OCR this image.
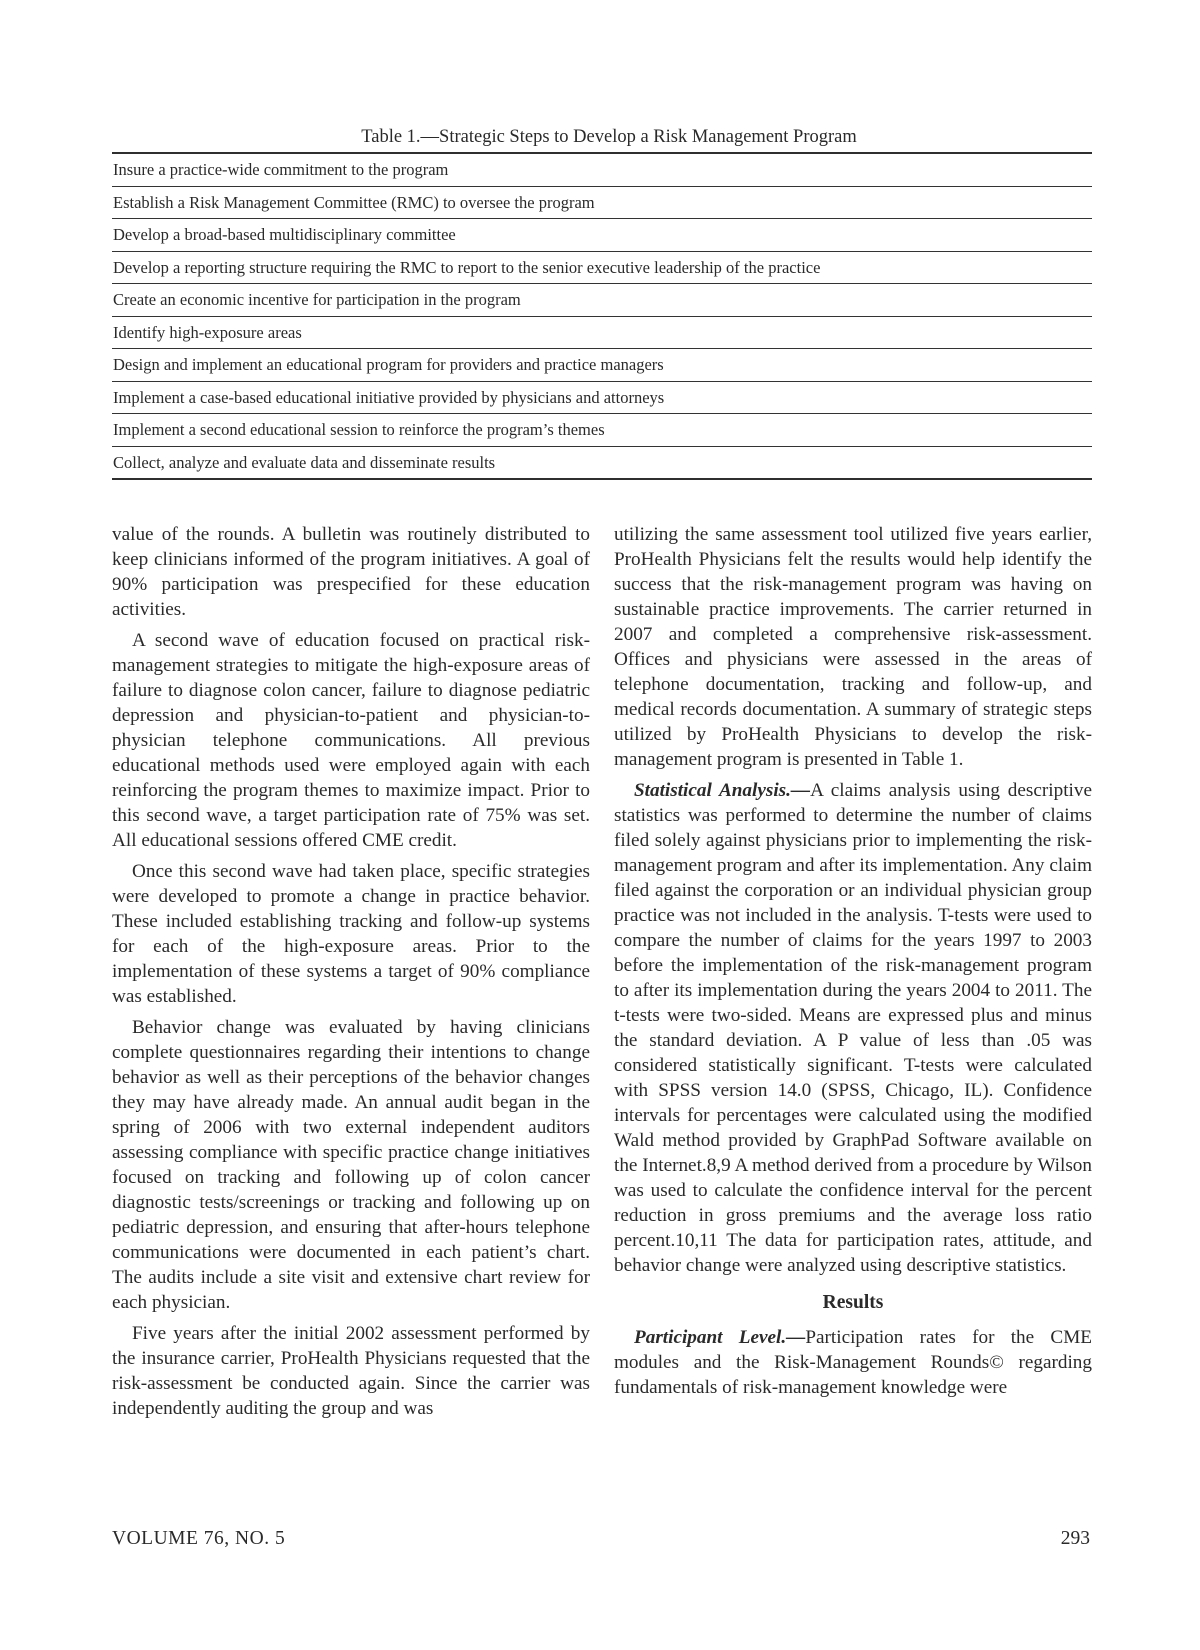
Table 1.—Strategic Steps to Develop a Risk Management Program
Insure a practice-wide commitment to the program
Establish a Risk Management Committee (RMC) to oversee the program
Develop a broad-based multidisciplinary committee
Develop a reporting structure requiring the RMC to report to the senior executive leadership of the practice
Create an economic incentive for participation in the program
Identify high-exposure areas
Design and implement an educational program for providers and practice managers
Implement a case-based educational initiative provided by physicians and attorneys
Implement a second educational session to reinforce the program’s themes
Collect, analyze and evaluate data and disseminate results

value of the rounds. A bulletin was routinely distributed to keep clinicians informed of the program initiatives. A goal of 90% participation was prespecified for these education activities.

A second wave of education focused on practical risk-management strategies to mitigate the high-exposure areas of failure to diagnose colon cancer, failure to diagnose pediatric depression and physician-to-patient and physician-to-physician telephone communications. All previous educational methods used were employed again with each reinforcing the program themes to maximize impact. Prior to this second wave, a target participation rate of 75% was set. All educational sessions offered CME credit.

Once this second wave had taken place, specific strategies were developed to promote a change in practice behavior. These included establishing tracking and follow-up systems for each of the high-exposure areas. Prior to the implementation of these systems a target of 90% compliance was established.

Behavior change was evaluated by having clinicians complete questionnaires regarding their intentions to change behavior as well as their perceptions of the behavior changes they may have already made. An annual audit began in the spring of 2006 with two external independent auditors assessing compliance with specific practice change initiatives focused on tracking and following up of colon cancer diagnostic tests/screenings or tracking and following up on pediatric depression, and ensuring that after-hours telephone communications were documented in each patient’s chart. The audits include a site visit and extensive chart review for each physician.

Five years after the initial 2002 assessment performed by the insurance carrier, ProHealth Physicians requested that the risk-assessment be conducted again. Since the carrier was independently auditing the group and was

utilizing the same assessment tool utilized five years earlier, ProHealth Physicians felt the results would help identify the success that the risk-management program was having on sustainable practice improvements. The carrier returned in 2007 and completed a comprehensive risk-assessment. Offices and physicians were assessed in the areas of telephone documentation, tracking and follow-up, and medical records documentation. A summary of strategic steps utilized by ProHealth Physicians to develop the risk-management program is presented in Table 1.

Statistical Analysis.—A claims analysis using descriptive statistics was performed to determine the number of claims filed solely against physicians prior to implementing the risk-management program and after its implementation. Any claim filed against the corporation or an individual physician group practice was not included in the analysis. T-tests were used to compare the number of claims for the years 1997 to 2003 before the implementation of the risk-management program to after its implementation during the years 2004 to 2011. The t-tests were two-sided. Means are expressed plus and minus the standard deviation. A P value of less than .05 was considered statistically significant. T-tests were calculated with SPSS version 14.0 (SPSS, Chicago, IL). Confidence intervals for percentages were calculated using the modified Wald method provided by GraphPad Software available on the Internet.8,9 A method derived from a procedure by Wilson was used to calculate the confidence interval for the percent reduction in gross premiums and the average loss ratio percent.10,11 The data for participation rates, attitude, and behavior change were analyzed using descriptive statistics.

Results

Participant Level.—Participation rates for the CME modules and the Risk-Management Rounds© regarding fundamentals of risk-management knowledge were

VOLUME 76, NO. 5	293
